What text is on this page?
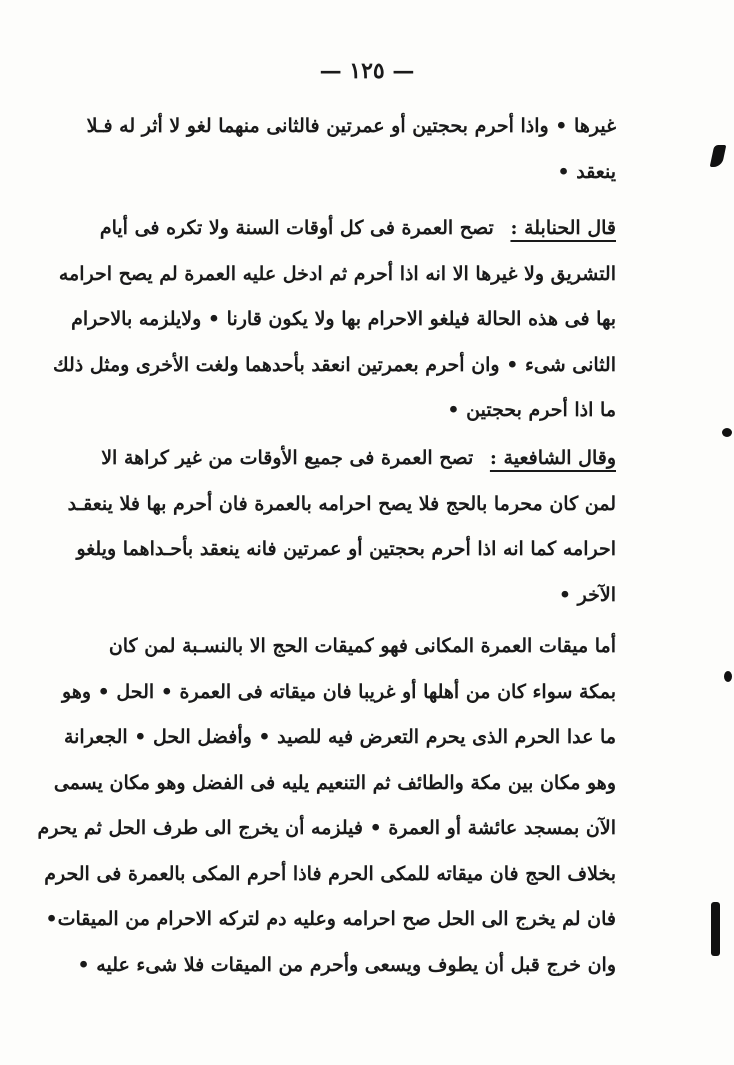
— ١٢٥ —
غيرها • واذا أحرم بحجتين أو عمرتين فالثانى منهما لغو لا أثر له فـلا
ينعقد •
قال الحنابلة : تصح العمرة فى كل أوقات السنة ولا تكره فى أيام
التشريق ولا غيرها الا انه اذا أحرم ثم ادخل عليه العمرة لم يصح احرامه
بها فى هذه الحالة فيلغو الاحرام بها ولا يكون قارنا • ولايلزمه بالاحرام
الثانى شىء • وان أحرم بعمرتين انعقد بأحدهما ولغت الأخرى ومثل ذلك
ما اذا أحرم بحجتين •
وقال الشافعية : تصح العمرة فى جميع الأوقات من غير كراهة الا
لمن كان محرما بالحج فلا يصح احرامه بالعمرة فان أحرم بها فلا ينعقـد
احرامه كما انه اذا أحرم بحجتين أو عمرتين فانه ينعقد بأحـداهما ويلغو
الآخر •
أما ميقات العمرة المكانى فهو كميقات الحج الا بالنسـبة لمن كان
بمكة سواء كان من أهلها أو غريبا فان ميقاته فى العمرة • الحل • وهو
ما عدا الحرم الذى يحرم التعرض فيه للصيد • وأفضل الحل • الجعرانة
وهو مكان بين مكة والطائف ثم التنعيم يليه فى الفضل وهو مكان يسمى
الآن بمسجد عائشة أو العمرة • فيلزمه أن يخرج الى طرف الحل ثم يحرم
بخلاف الحج فان ميقاته للمكى الحرم فاذا أحرم المكى بالعمرة فى الحرم
فان لم يخرج الى الحل صح احرامه وعليه دم لتركه الاحرام من الميقات•
وان خرج قبل أن يطوف ويسعى وأحرم من الميقات فلا شىء عليه •
